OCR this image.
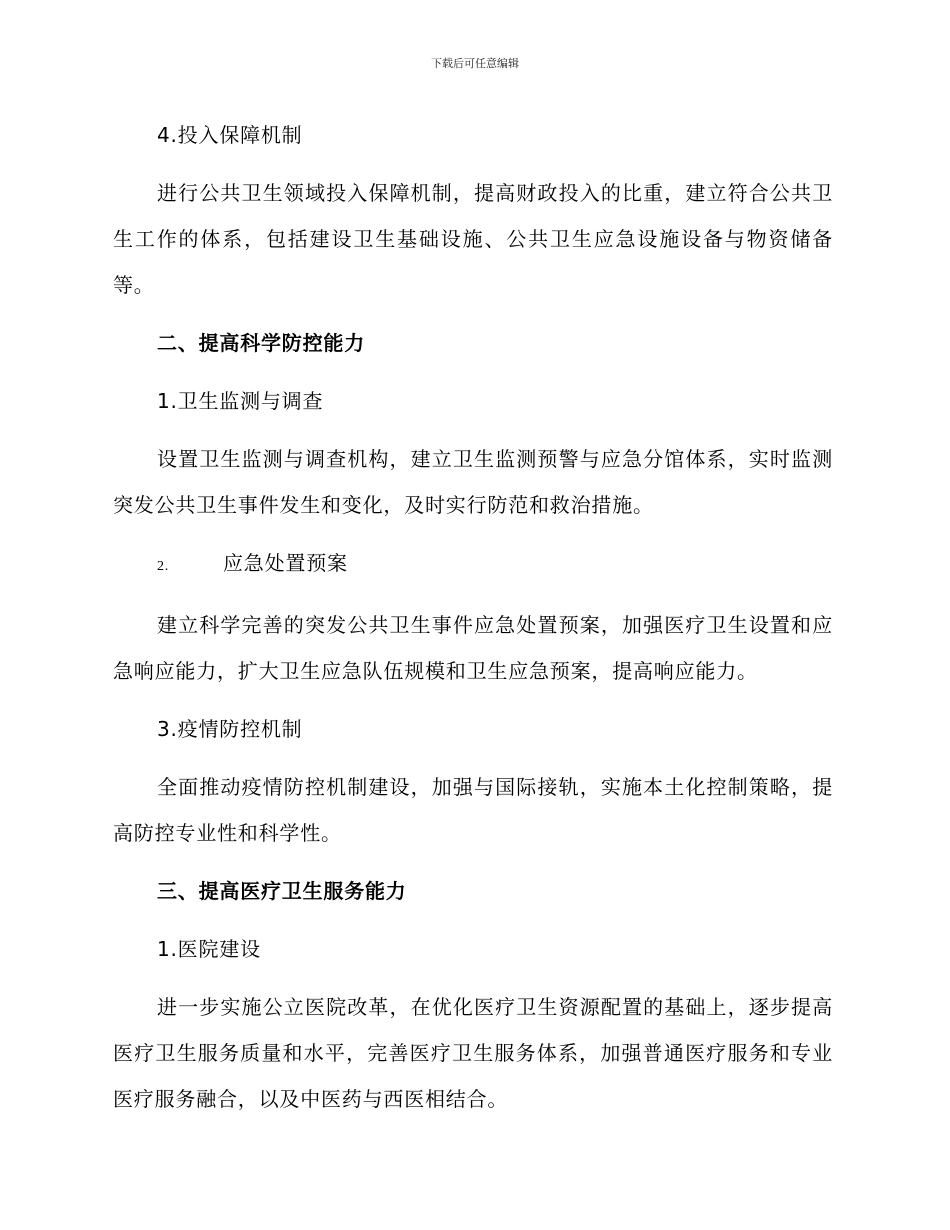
下载后可任意编辑

4.投入保障机制

进行公共卫生领域投入保障机制，提高财政投入的比重，建立符合公共卫生工作的体系，包括建设卫生基础设施、公共卫生应急设施设备与物资储备等。

二、提高科学防控能力

1.卫生监测与调查

设置卫生监测与调查机构，建立卫生监测预警与应急分馆体系，实时监测突发公共卫生事件发生和变化，及时实行防范和救治措施。

2.	应急处置预案

建立科学完善的突发公共卫生事件应急处置预案，加强医疗卫生设置和应急响应能力，扩大卫生应急队伍规模和卫生应急预案，提高响应能力。

3.疫情防控机制

全面推动疫情防控机制建设，加强与国际接轨，实施本土化控制策略，提高防控专业性和科学性。

三、提高医疗卫生服务能力

1.医院建设

进一步实施公立医院改革，在优化医疗卫生资源配置的基础上，逐步提高医疗卫生服务质量和水平，完善医疗卫生服务体系，加强普通医疗服务和专业医疗服务融合，以及中医药与西医相结合。
